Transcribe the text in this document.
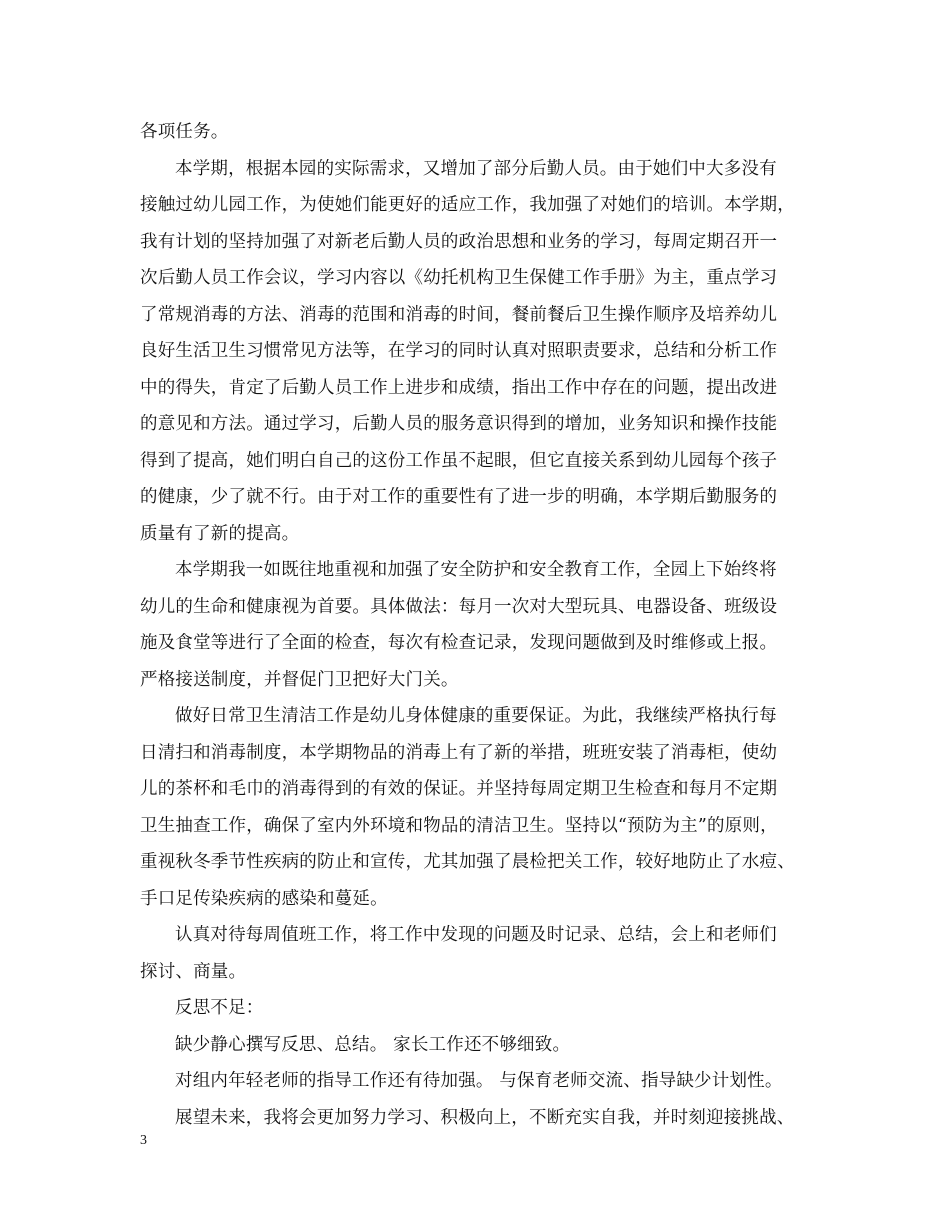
各项任务。
本学期，根据本园的实际需求，又增加了部分后勤人员。由于她们中大多没有
接触过幼儿园工作，为使她们能更好的适应工作，我加强了对她们的培训。本学期，
我有计划的坚持加强了对新老后勤人员的政治思想和业务的学习，每周定期召开一
次后勤人员工作会议，学习内容以《幼托机构卫生保健工作手册》为主，重点学习
了常规消毒的方法、消毒的范围和消毒的时间，餐前餐后卫生操作顺序及培养幼儿
良好生活卫生习惯常见方法等，在学习的同时认真对照职责要求，总结和分析工作
中的得失，肯定了后勤人员工作上进步和成绩，指出工作中存在的问题，提出改进
的意见和方法。通过学习，后勤人员的服务意识得到的增加，业务知识和操作技能
得到了提高，她们明白自己的这份工作虽不起眼，但它直接关系到幼儿园每个孩子
的健康，少了就不行。由于对工作的重要性有了进一步的明确，本学期后勤服务的
质量有了新的提高。
本学期我一如既往地重视和加强了安全防护和安全教育工作，全园上下始终将
幼儿的生命和健康视为首要。具体做法：每月一次对大型玩具、电器设备、班级设
施及食堂等进行了全面的检查，每次有检查记录，发现问题做到及时维修或上报。
严格接送制度，并督促门卫把好大门关。
做好日常卫生清洁工作是幼儿身体健康的重要保证。为此，我继续严格执行每
日清扫和消毒制度，本学期物品的消毒上有了新的举措，班班安装了消毒柜，使幼
儿的茶杯和毛巾的消毒得到的有效的保证。并坚持每周定期卫生检查和每月不定期
卫生抽查工作，确保了室内外环境和物品的清洁卫生。坚持以“预防为主”的原则，
重视秋冬季节性疾病的防止和宣传，尤其加强了晨检把关工作，较好地防止了水痘、
手口足传染疾病的感染和蔓延。
认真对待每周值班工作，将工作中发现的问题及时记录、总结，会上和老师们
探讨、商量。
反思不足：
缺少静心撰写反思、总结。 家长工作还不够细致。
对组内年轻老师的指导工作还有待加强。 与保育老师交流、指导缺少计划性。
展望未来，我将会更加努力学习、积极向上，不断充实自我，并时刻迎接挑战、
3
